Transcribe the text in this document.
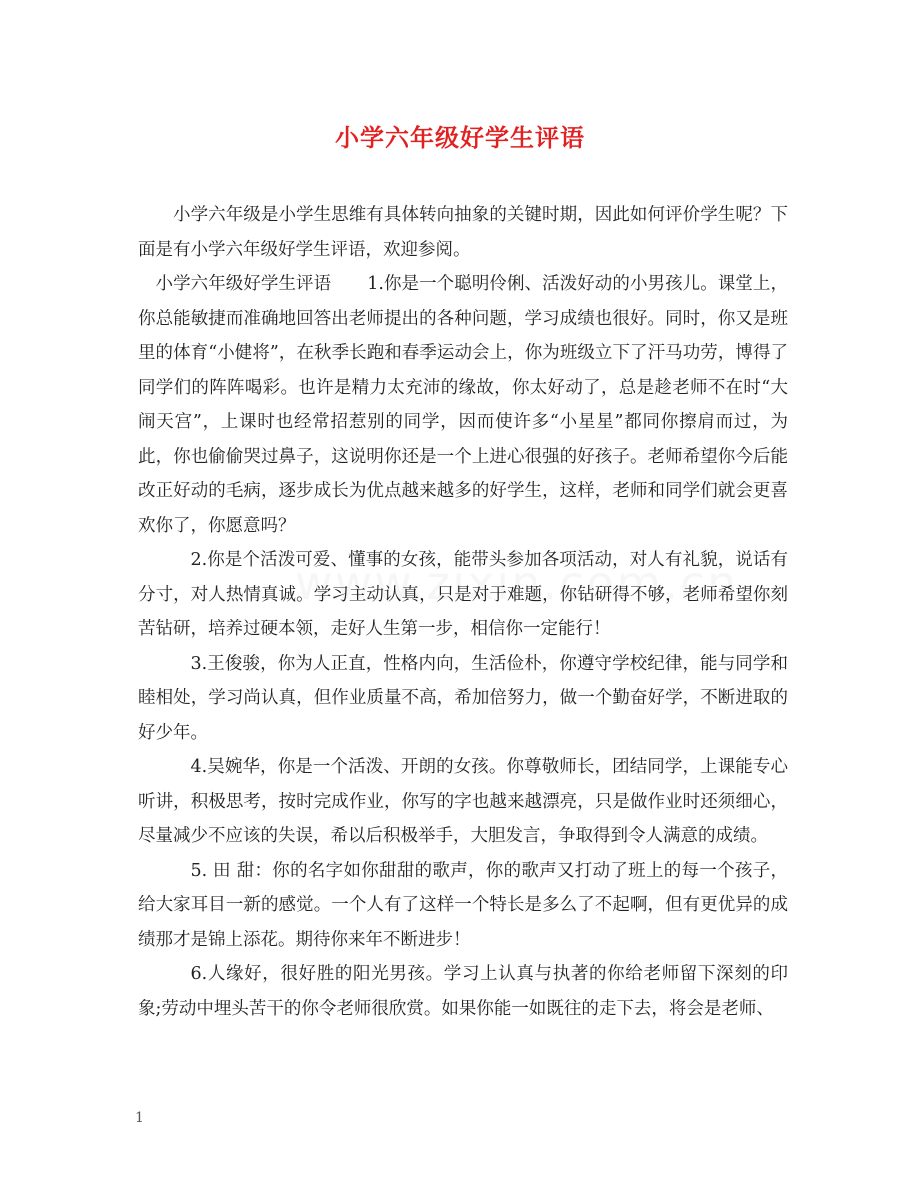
小学六年级好学生评语

小学六年级是小学生思维有具体转向抽象的关键时期，因此如何评价学生呢？下面是有小学六年级好学生评语，欢迎参阅。

小学六年级好学生评语 1.你是一个聪明伶俐、活泼好动的小男孩儿。课堂上，你总能敏捷而准确地回答出老师提出的各种问题，学习成绩也很好。同时，你又是班里的体育“小健将”，在秋季长跑和春季运动会上，你为班级立下了汗马功劳，博得了同学们的阵阵喝彩。也许是精力太充沛的缘故，你太好动了，总是趁老师不在时“大闹天宫”，上课时也经常招惹别的同学，因而使许多“小星星”都同你擦肩而过，为此，你也偷偷哭过鼻子，这说明你还是一个上进心很强的好孩子。老师希望你今后能改正好动的毛病，逐步成长为优点越来越多的好学生，这样，老师和同学们就会更喜欢你了，你愿意吗？

2.你是个活泼可爱、懂事的女孩，能带头参加各项活动，对人有礼貌，说话有分寸，对人热情真诚。学习主动认真，只是对于难题，你钻研得不够，老师希望你刻苦钻研，培养过硬本领，走好人生第一步，相信你一定能行！

3.王俊骏，你为人正直，性格内向，生活俭朴，你遵守学校纪律，能与同学和睦相处，学习尚认真，但作业质量不高，希加倍努力，做一个勤奋好学，不断进取的好少年。

4.吴婉华，你是一个活泼、开朗的女孩。你尊敬师长，团结同学，上课能专心听讲，积极思考，按时完成作业，你写的字也越来越漂亮，只是做作业时还须细心，尽量减少不应该的失误，希以后积极举手，大胆发言，争取得到令人满意的成绩。

5. 田 甜：你的名字如你甜甜的歌声，你的歌声又打动了班上的每一个孩子，给大家耳目一新的感觉。一个人有了这样一个特长是多么了不起啊，但有更优异的成绩那才是锦上添花。期待你来年不断进步！

6.人缘好，很好胜的阳光男孩。学习上认真与执著的你给老师留下深刻的印象;劳动中埋头苦干的你令老师很欣赏。如果你能一如既往的走下去，将会是老师、

1
